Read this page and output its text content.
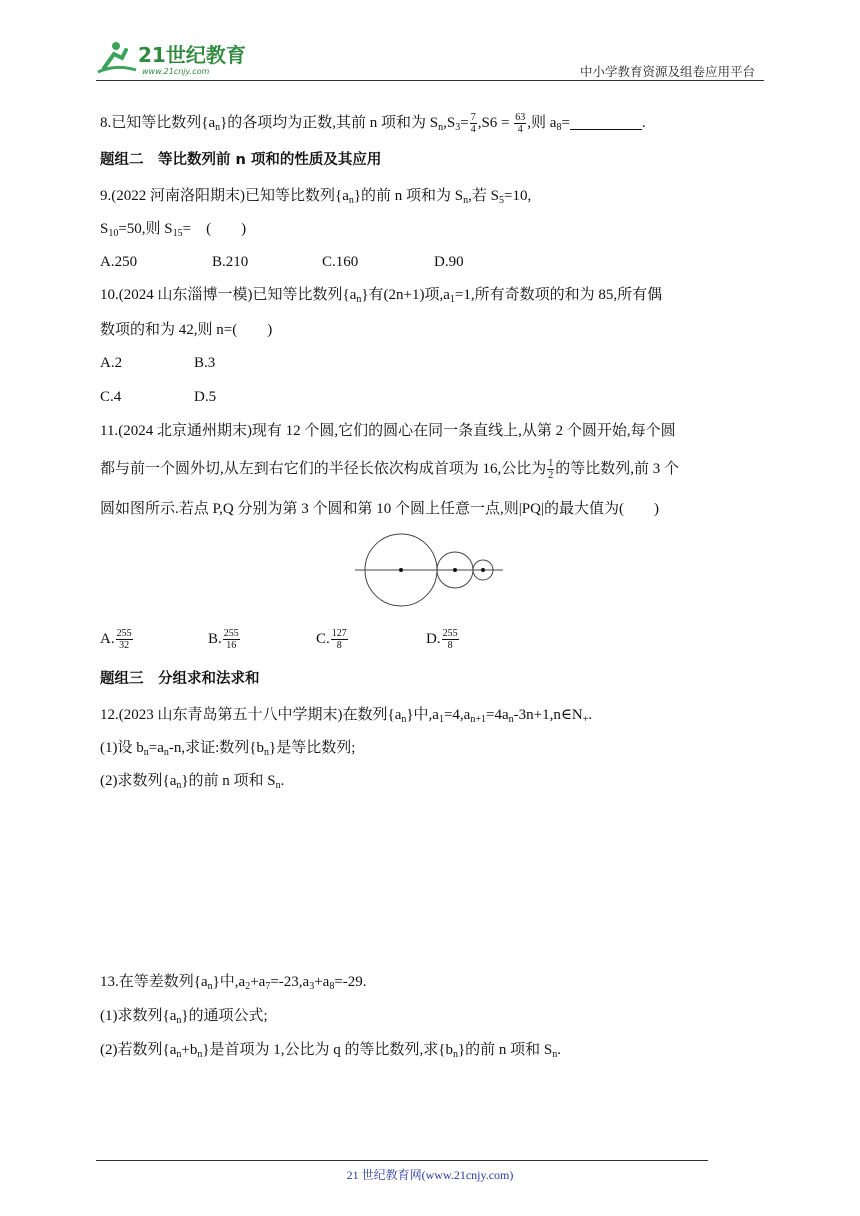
21世纪教育
www.21cnjy.com	中小学教育资源及组卷应用平台
8.已知等比数列$\{a_n\}$的各项均为正数,其前 n 项和为 $S_n,S_3= \frac{7}{4} ,S6 = \frac{63}{4}$ ,则 $a_8=$	.
题组二　等比数列前 n 项和的性质及其应用
9.(2022 河南洛阳期末)已知等比数列$\{a_n\}$的前 n 项和为 $S_n$,若 $S_5=10$,
$S_{10}=50$,则 $S_{15}=$　(　　)
A.250	B.210	C.160	D.90
10.(2024 山东淄博一模)已知等比数列$\{a_n\}$有(2n+1)项$,a_1=1$,所有奇数项的和为 85,所有偶
数项的和为 42,则 n=(　　)
A.2	B.3
C.4	D.5
11.(2024 北京通州期末)现有 12 个圆,它们的圆心在同一条直线上,从第 2 个圆开始,每个圆
都与前一个圆外切,从左到右它们的半径长依次构成首项为 16,公比为 $\frac{1}{2}$ 的等比数列,前 3 个
圆如图所示.若点 P,Q 分别为第 3 个圆和第 10 个圆上任意一点,则|PQ|的最大值为(　　)
A. $\frac{255}{32}$	B. $\frac{255}{16}$	C. $\frac{127}{8}$	D. $\frac{255}{8}$
题组三　分组求和法求和
12.(2023 山东青岛第五十八中学期末)在数列$\{a_n\}$中$,a_1=4,a_{n+1}=4a_n-3n+1,n\in N_+$.
(1)设 $b_n=a_n-n$,求证:数列$\{b_n\}$是等比数列;
(2)求数列$\{a_n\}$的前 n 项和 $S_n$.
13.在等差数列$\{a_n\}$中$,a_2+a_7=-23,a_3+a_8=-29$.
(1)求数列$\{a_n\}$的通项公式;
(2)若数列$\{a_n+b_n\}$是首项为 1,公比为 q 的等比数列,求$\{b_n\}$的前 n 项和 $S_n$.
21 世纪教育网(www.21cnjy.com)
